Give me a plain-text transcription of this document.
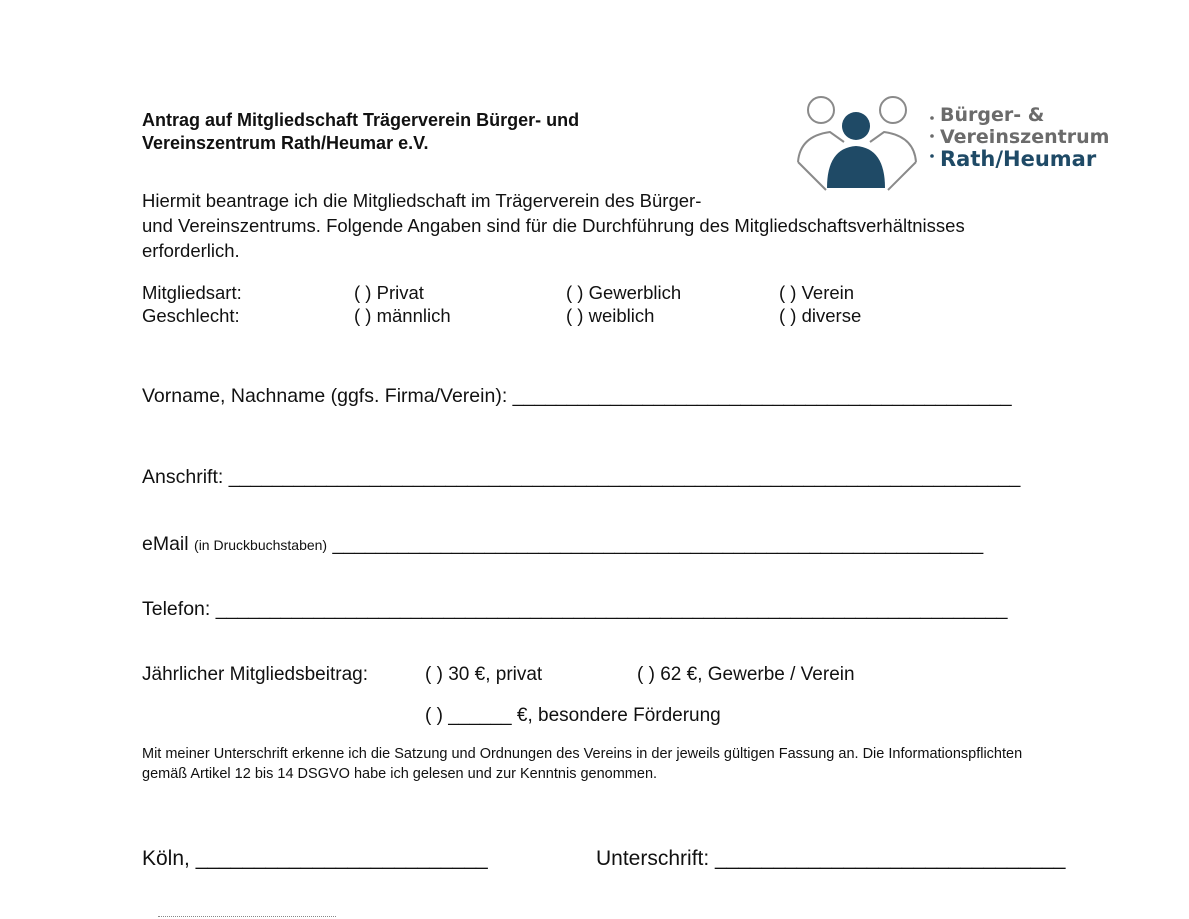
Antrag auf Mitgliedschaft Trägerverein Bürger- und
Vereinszentrum Rath/Heumar e.V.
Bürger- &
Vereinszentrum
Rath/Heumar
Hiermit beantrage ich die Mitgliedschaft im Trägerverein des Bürger-
und Vereinszentrums. Folgende Angaben sind für die Durchführung des Mitgliedschaftsverhältnisses
erforderlich.
Mitgliedsart:	( ) Privat	( ) Gewerblich	( ) Verein
Geschlecht:	( ) männlich	( ) weiblich	( ) diverse
Vorname, Nachname (ggfs. Firma/Verein): ______________________________________________
Anschrift: _________________________________________________________________________
eMail (in Druckbuchstaben) ____________________________________________________________
Telefon: _________________________________________________________________________
Jährlicher Mitgliedsbeitrag:	( ) 30 €, privat	( ) 62 €, Gewerbe / Verein
( ) ______ €, besondere Förderung
Mit meiner Unterschrift erkenne ich die Satzung und Ordnungen des Vereins in der jeweils gültigen Fassung an. Die Informationspflichten
gemäß Artikel 12 bis 14 DSGVO habe ich gelesen und zur Kenntnis genommen.
Köln, _________________________	Unterschrift: ______________________________
